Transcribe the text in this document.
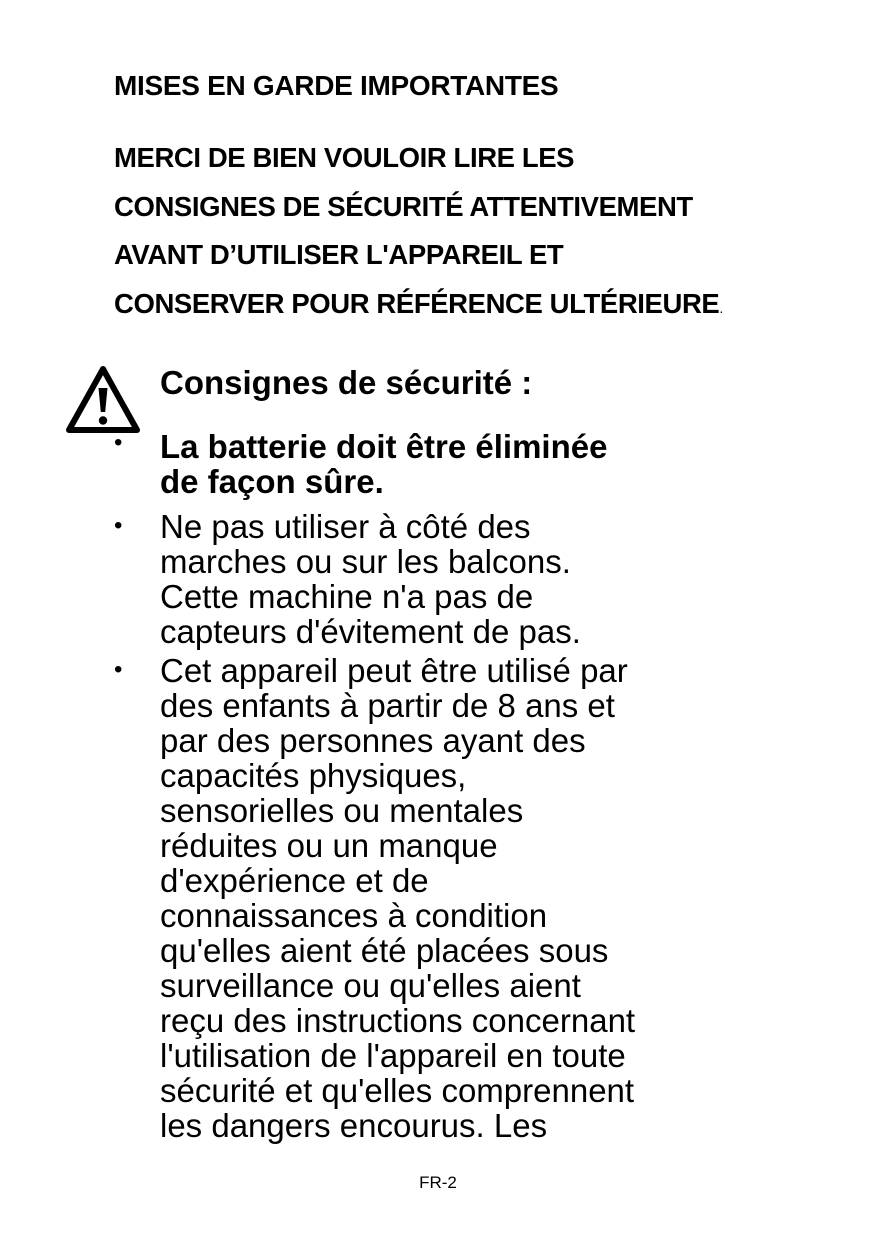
MISES EN GARDE IMPORTANTES

MERCI DE BIEN VOULOIR LIRE LES
CONSIGNES DE SÉCURITÉ ATTENTIVEMENT
AVANT D’UTILISER L'APPAREIL ET
CONSERVER POUR RÉFÉRENCE ULTÉRIEURE.

Consignes de sécurité :
• La batterie doit être éliminée
de façon sûre.
• Ne pas utiliser à côté des
marches ou sur les balcons.
Cette machine n'a pas de
capteurs d'évitement de pas.
• Cet appareil peut être utilisé par
des enfants à partir de 8 ans et
par des personnes ayant des
capacités physiques,
sensorielles ou mentales
réduites ou un manque
d'expérience et de
connaissances à condition
qu'elles aient été placées sous
surveillance ou qu'elles aient
reçu des instructions concernant
l'utilisation de l'appareil en toute
sécurité et qu'elles comprennent
les dangers encourus. Les
FR-2
